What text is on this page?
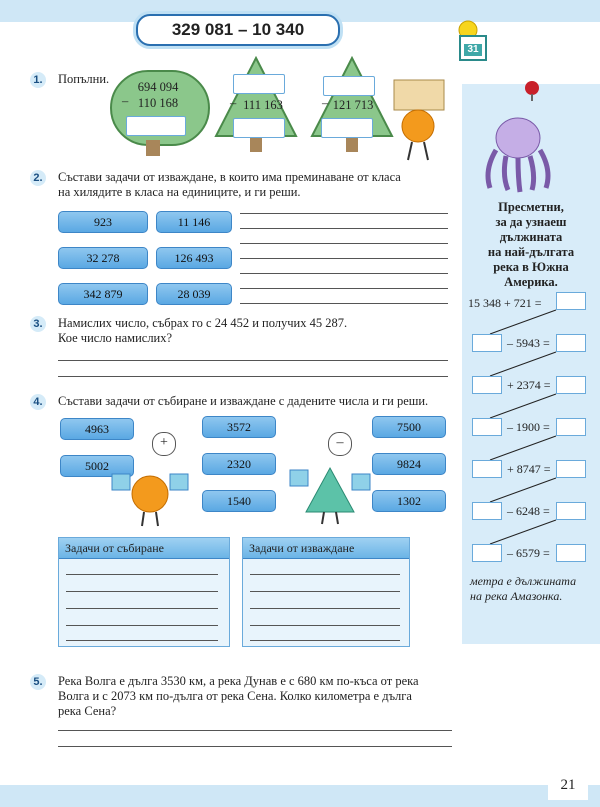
329 081 – 10 340
31
1. Попълни.
694 094
– 110 168	– 111 163	– 121 713
2. Състави задачи от изваждане, в които има преминаване от класа
на хилядите в класа на единиците, и ги реши.
923	11 146
32 278	126 493
342 879	28 039
3. Намислих число, събрах го с 24 452 и получих 45 287.
Кое число намислих?
4. Състави задачи от събиране и изваждане с дадените числа и ги реши.
4963
5002
+
3572
2320
1540
–
7500
9824
1302
Задачи от събиране	Задачи от изваждане
5. Река Волга е дълга 3530 км, а река Дунав е с 680 км по-къса от река
Волга и с 2073 км по-дълга от река Сена. Колко километра е дълга
река Сена?
Пресметни,
за да узнаеш
дължината
на най-дългата
река в Южна
Америка.
15 348 + 721 =
– 5943 =
+ 2374 =
– 1900 =
+ 8747 =
– 6248 =
– 6579 =
метра е дължината
на река Амазонка.
21
